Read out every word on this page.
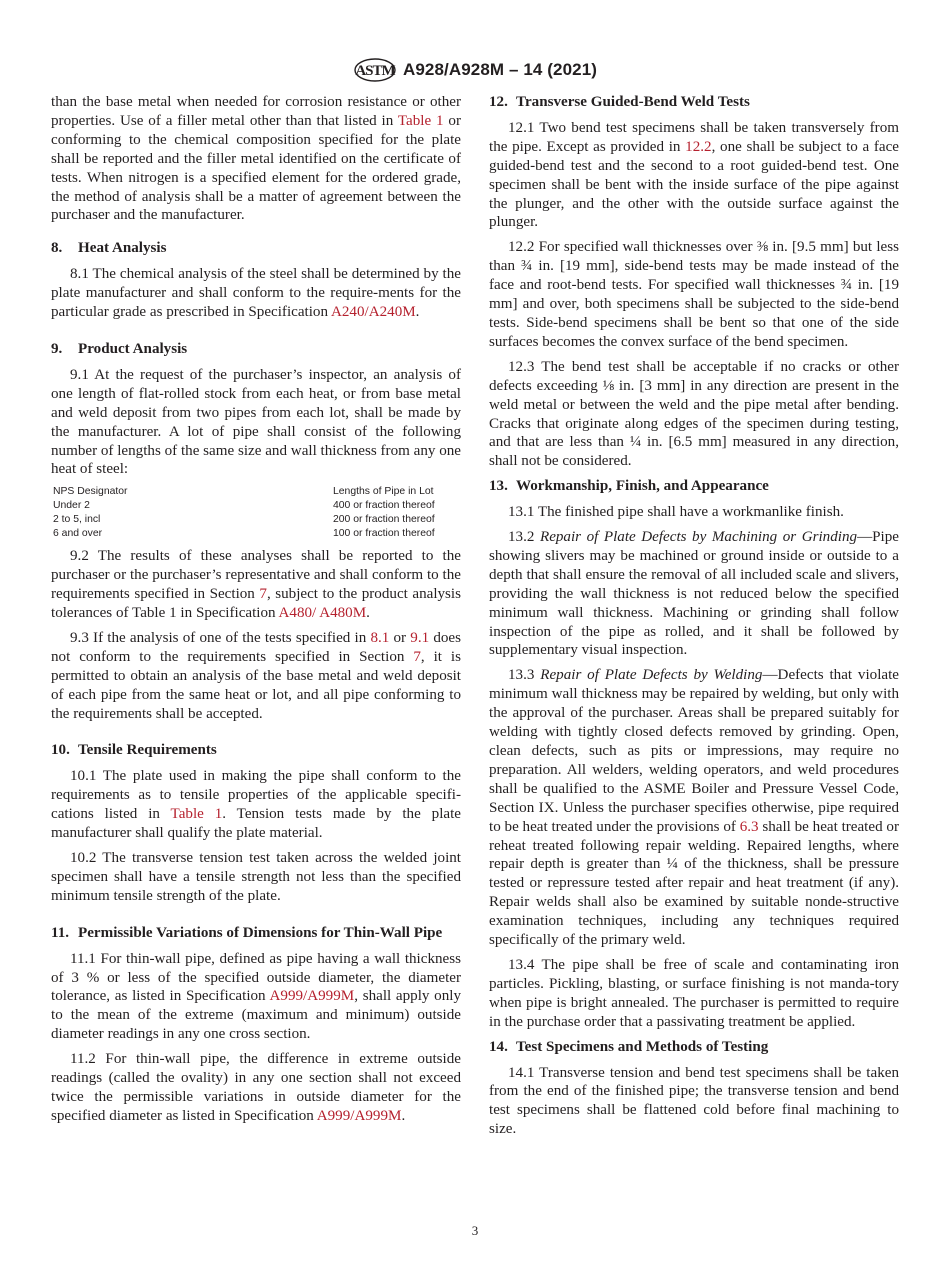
ASTM A928/A928M – 14 (2021)

than the base metal when needed for corrosion resistance or other properties. Use of a filler metal other than that listed in Table 1 or conforming to the chemical composition specified for the plate shall be reported and the filler metal identified on the certificate of tests. When nitrogen is a specified element for the ordered grade, the method of analysis shall be a matter of agreement between the purchaser and the manufacturer.

8. Heat Analysis

8.1 The chemical analysis of the steel shall be determined by the plate manufacturer and shall conform to the require-ments for the particular grade as prescribed in Specification A240/A240M.

9. Product Analysis

9.1 At the request of the purchaser’s inspector, an analysis of one length of flat-rolled stock from each heat, or from base metal and weld deposit from two pipes from each lot, shall be made by the manufacturer. A lot of pipe shall consist of the following number of lengths of the same size and wall thickness from any one heat of steel:

NPS Designator	Lengths of Pipe in Lot
Under 2	400 or fraction thereof
2 to 5, incl	200 or fraction thereof
6 and over	100 or fraction thereof

9.2 The results of these analyses shall be reported to the purchaser or the purchaser’s representative and shall conform to the requirements specified in Section 7, subject to the product analysis tolerances of Table 1 in Specification A480/ A480M.

9.3 If the analysis of one of the tests specified in 8.1 or 9.1 does not conform to the requirements specified in Section 7, it is permitted to obtain an analysis of the base metal and weld deposit of each pipe from the same heat or lot, and all pipe conforming to the requirements shall be accepted.

10. Tensile Requirements

10.1 The plate used in making the pipe shall conform to the requirements as to tensile properties of the applicable specifi-cations listed in Table 1. Tension tests made by the plate manufacturer shall qualify the plate material.

10.2 The transverse tension test taken across the welded joint specimen shall have a tensile strength not less than the specified minimum tensile strength of the plate.

11. Permissible Variations of Dimensions for Thin-Wall Pipe

11.1 For thin-wall pipe, defined as pipe having a wall thickness of 3 % or less of the specified outside diameter, the diameter tolerance, as listed in Specification A999/A999M, shall apply only to the mean of the extreme (maximum and minimum) outside diameter readings in any one cross section.

11.2 For thin-wall pipe, the difference in extreme outside readings (called the ovality) in any one section shall not exceed twice the permissible variations in outside diameter for the specified diameter as listed in Specification A999/A999M.

12. Transverse Guided-Bend Weld Tests

12.1 Two bend test specimens shall be taken transversely from the pipe. Except as provided in 12.2, one shall be subject to a face guided-bend test and the second to a root guided-bend test. One specimen shall be bent with the inside surface of the pipe against the plunger, and the other with the outside surface against the plunger.

12.2 For specified wall thicknesses over ⅜ in. [9.5 mm] but less than ¾ in. [19 mm], side-bend tests may be made instead of the face and root-bend tests. For specified wall thicknesses ¾ in. [19 mm] and over, both specimens shall be subjected to the side-bend tests. Side-bend specimens shall be bent so that one of the side surfaces becomes the convex surface of the bend specimen.

12.3 The bend test shall be acceptable if no cracks or other defects exceeding ⅛ in. [3 mm] in any direction are present in the weld metal or between the weld and the pipe metal after bending. Cracks that originate along edges of the specimen during testing, and that are less than ¼ in. [6.5 mm] measured in any direction, shall not be considered.

13. Workmanship, Finish, and Appearance

13.1 The finished pipe shall have a workmanlike finish.

13.2 Repair of Plate Defects by Machining or Grinding—Pipe showing slivers may be machined or ground inside or outside to a depth that shall ensure the removal of all included scale and slivers, providing the wall thickness is not reduced below the specified minimum wall thickness. Machining or grinding shall follow inspection of the pipe as rolled, and it shall be followed by supplementary visual inspection.

13.3 Repair of Plate Defects by Welding—Defects that violate minimum wall thickness may be repaired by welding, but only with the approval of the purchaser. Areas shall be prepared suitably for welding with tightly closed defects removed by grinding. Open, clean defects, such as pits or impressions, may require no preparation. All welders, welding operators, and weld procedures shall be qualified to the ASME Boiler and Pressure Vessel Code, Section IX. Unless the purchaser specifies otherwise, pipe required to be heat treated under the provisions of 6.3 shall be heat treated or reheat treated following repair welding. Repaired lengths, where repair depth is greater than ¼ of the thickness, shall be pressure tested or repressure tested after repair and heat treatment (if any). Repair welds shall also be examined by suitable nonde-structive examination techniques, including any techniques required specifically of the primary weld.

13.4 The pipe shall be free of scale and contaminating iron particles. Pickling, blasting, or surface finishing is not manda-tory when pipe is bright annealed. The purchaser is permitted to require in the purchase order that a passivating treatment be applied.

14. Test Specimens and Methods of Testing

14.1 Transverse tension and bend test specimens shall be taken from the end of the finished pipe; the transverse tension and bend test specimens shall be flattened cold before final machining to size.

3
